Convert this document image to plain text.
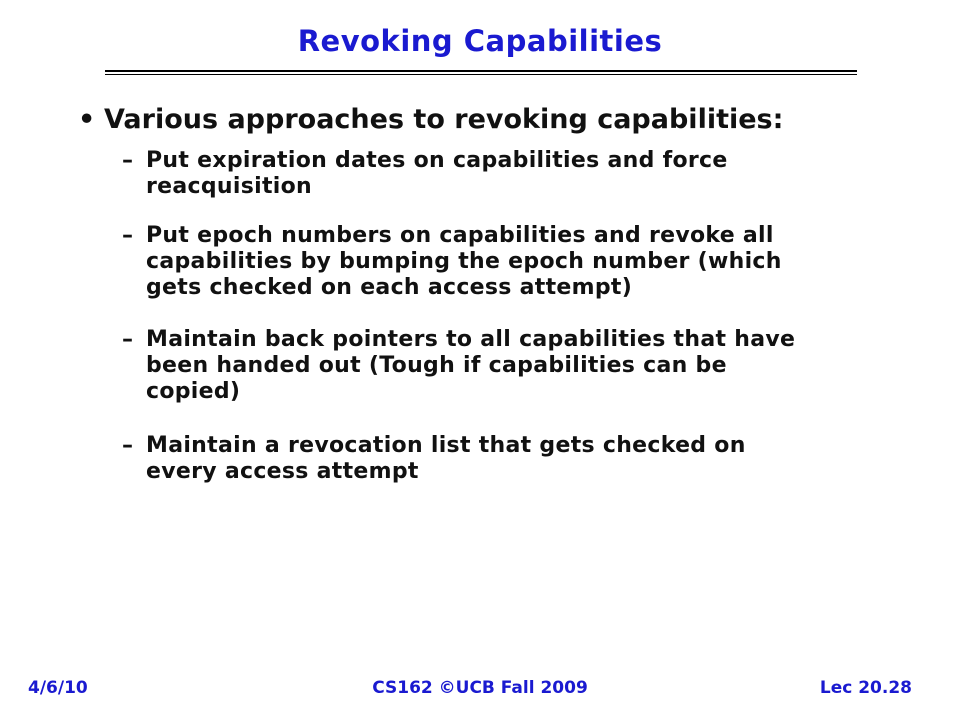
Revoking Capabilities
• Various approaches to revoking capabilities:
– Put expiration dates on capabilities and force
reacquisition
– Put epoch numbers on capabilities and revoke all
capabilities by bumping the epoch number (which
gets checked on each access attempt)
– Maintain back pointers to all capabilities that have
been handed out (Tough if capabilities can be
copied)
– Maintain a revocation list that gets checked on
every access attempt
4/6/10	CS162 ©UCB Fall 2009	Lec 20.28
